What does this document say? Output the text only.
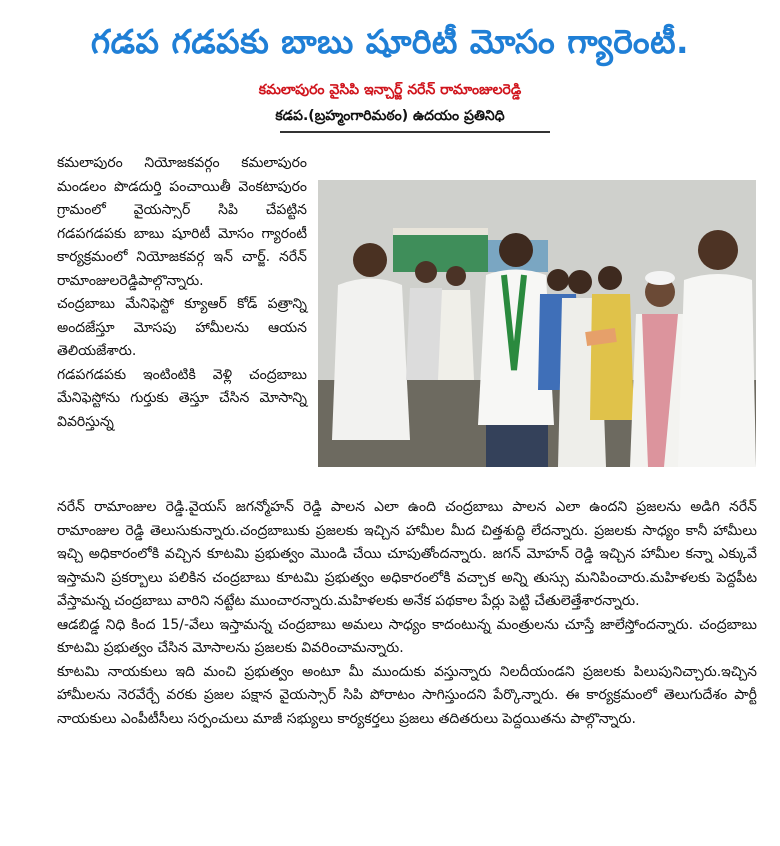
గడప గడపకు బాబు షూరిటీ మోసం గ్యారెంటీ.
కమలాపురం వైసిపి ఇన్చార్జ్ నరేన్ రామాంజులరెడ్డి
కడప.(బ్రహ్మంగారిమఠం) ఉదయం ప్రతినిధి

కమలాపురం నియోజకవర్గం కమలాపురం మండలం పొడదుర్తి పంచాయితీ వెంకటాపురం గ్రామంలో వైయస్సార్ సిపి చేపట్టిన గడపగడపకు బాబు షూరిటీ మోసం గ్యారంటీ కార్యక్రమంలో నియోజకవర్గ ఇన్ చార్జ్. నరేన్ రామాంజులరెడ్డిపాల్గొన్నారు.

చంద్రబాబు మేనిఫెస్టో క్యూఆర్ కోడ్ పత్రాన్ని అందజేస్తూ మోసపు హామీలను ఆయన తెలియజేశారు.

గడపగడపకు ఇంటింటికి వెళ్లి చంద్రబాబు మేనిఫెస్టోను గుర్తుకు తెస్తూ చేసిన మోసాన్ని వివరిస్తున్న

నరేన్ రామాంజుల రెడ్డి.వైయస్ జగన్మోహన్ రెడ్డి పాలన ఎలా ఉంది చంద్రబాబు పాలన ఎలా ఉందని ప్రజలను అడిగి నరేన్ రామాంజుల రెడ్డి తెలుసుకున్నారు.చంద్రబాబుకు ప్రజలకు ఇచ్చిన హామీల మీద చిత్తశుద్ధి లేదన్నారు. ప్రజలకు సాధ్యం కానీ హామీలు ఇచ్చి అధికారంలోకి వచ్చిన కూటమి ప్రభుత్వం మొండి చేయి చూపుతోందన్నారు. జగన్ మోహన్ రెడ్డి ఇచ్చిన హామీల కన్నా ఎక్కువే ఇస్తామని ప్రకర్బాలు పలికిన చంద్రబాబు కూటమి ప్రభుత్వం అధికారంలోకి వచ్చాక అన్ని తుస్సు మనిపించారు.మహిళలకు పెద్దపీట వేస్తామన్న చంద్రబాబు వారిని నట్టేట ముంచారన్నారు.మహిళలకు అనేక పథకాల పేర్లు పెట్టి చేతులెత్తేశారన్నారు.

ఆడబిడ్డ నిధి కింద 15/-వేలు ఇస్తామన్న చంద్రబాబు అమలు సాధ్యం కాదంటున్న మంత్రులను చూస్తే జాలేస్తోందన్నారు. చంద్రబాబు కూటమి ప్రభుత్వం చేసిన మోసాలను ప్రజలకు వివరించామన్నారు.

కూటమి నాయకులు ఇది మంచి ప్రభుత్వం అంటూ మీ ముందుకు వస్తున్నారు నిలదీయండని ప్రజలకు పిలుపునిచ్చారు.ఇచ్చిన హామీలను నెరవేర్చే వరకు ప్రజల పక్షాన వైయస్సార్ సిపి పోరాటం సాగిస్తుందని పేర్కొన్నారు. ఈ కార్యక్రమంలో తెలుగుదేశం పార్టీ నాయకులు ఎంపీటీసీలు సర్పంచులు మాజీ సభ్యులు కార్యకర్తలు ప్రజలు తదితరులు పెద్దయితను పాల్గొన్నారు.
